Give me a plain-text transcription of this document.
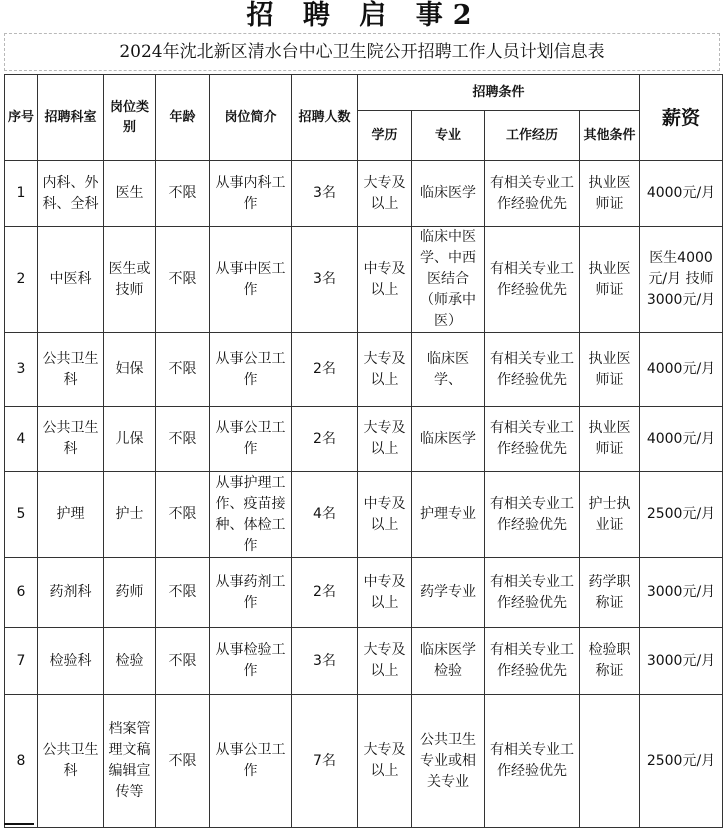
招 聘 启 事2
2024年沈北新区清水台中心卫生院公开招聘工作人员计划信息表
序号	招聘科室	岗位类别	年龄	岗位简介	招聘人数	招聘条件				薪资
						学历	专业	工作经历	其他条件	
1	内科、外科、全科	医生	不限	从事内科工作	3名	大专及以上	临床医学	有相关专业工作经验优先	执业医师证	4000元/月
2	中医科	医生或技师	不限	从事中医工作	3名	中专及以上	临床中医学、中西医结合（师承中医）	有相关专业工作经验优先	执业医师证	医生4000元/月 技师3000元/月
3	公共卫生科	妇保	不限	从事公卫工作	2名	大专及以上	临床医学、	有相关专业工作经验优先	执业医师证	4000元/月
4	公共卫生科	儿保	不限	从事公卫工作	2名	大专及以上	临床医学	有相关专业工作经验优先	执业医师证	4000元/月
5	护理	护士	不限	从事护理工作、疫苗接种、体检工作	4名	中专及以上	护理专业	有相关专业工作经验优先	护士执业证	2500元/月
6	药剂科	药师	不限	从事药剂工作	2名	中专及以上	药学专业	有相关专业工作经验优先	药学职称证	3000元/月
7	检验科	检验	不限	从事检验工作	3名	大专及以上	临床医学检验	有相关专业工作经验优先	检验职称证	3000元/月
8	公共卫生科	档案管理文稿编辑宣传等	不限	从事公卫工作	7名	大专及以上	公共卫生专业或相关专业	有相关专业工作经验优先		2500元/月
